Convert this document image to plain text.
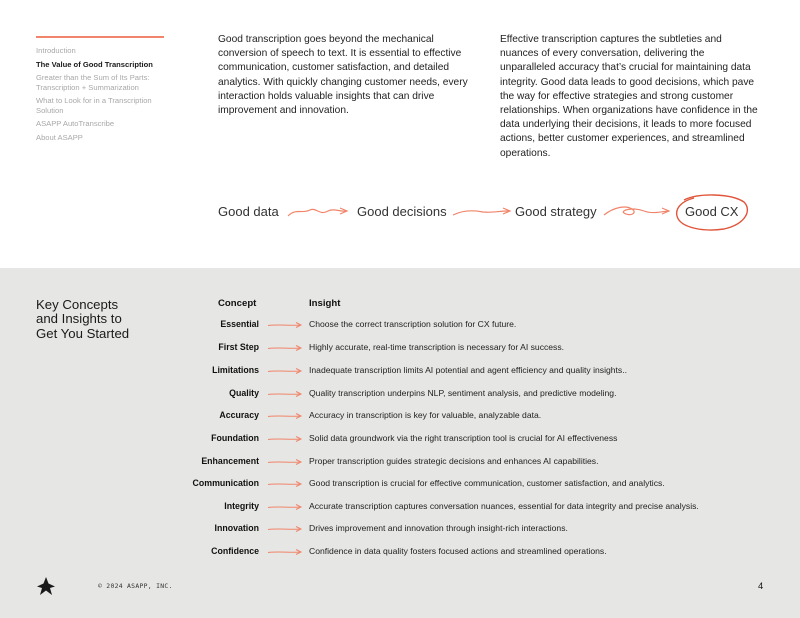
Introduction
The Value of Good Transcription
Greater than the Sum of Its Parts: Transcription + Summarization
What to Look for in a Transcription Solution
ASAPP AutoTranscribe
About ASAPP

Good transcription goes beyond the mechanical conversion of speech to text. It is essential to effective communication, customer satisfaction, and detailed analytics. With quickly changing customer needs, every interaction holds valuable insights that can drive improvement and innovation.

Effective transcription captures the subtleties and nuances of every conversation, delivering the unparalleled accuracy that’s crucial for maintaining data integrity. Good data leads to good decisions, which pave the way for effective strategies and strong customer relationships. When organizations have confidence in the data underlying their decisions, it leads to more focused actions, better customer experiences, and streamlined operations.

Good data	Good decisions	Good strategy	Good CX
Key Concepts
and Insights to
Get You Started
Concept	Insight
Essential	Choose the correct transcription solution for CX future.
First Step	Highly accurate, real-time transcription is necessary for AI success.
Limitations	Inadequate transcription limits AI potential and agent efficiency and quality insights..
Quality	Quality transcription underpins NLP, sentiment analysis, and predictive modeling.
Accuracy	Accuracy in transcription is key for valuable, analyzable data.
Foundation	Solid data groundwork via the right transcription tool is crucial for AI effectiveness
Enhancement	Proper transcription guides strategic decisions and enhances AI capabilities.
Communication	Good transcription is crucial for effective communication, customer satisfaction, and analytics.
Integrity	Accurate transcription captures conversation nuances, essential for data integrity and precise analysis.
Innovation	Drives improvement and innovation through insight-rich interactions.
Confidence	Confidence in data quality fosters focused actions and streamlined operations.
© 2024 ASAPP, INC.	4
